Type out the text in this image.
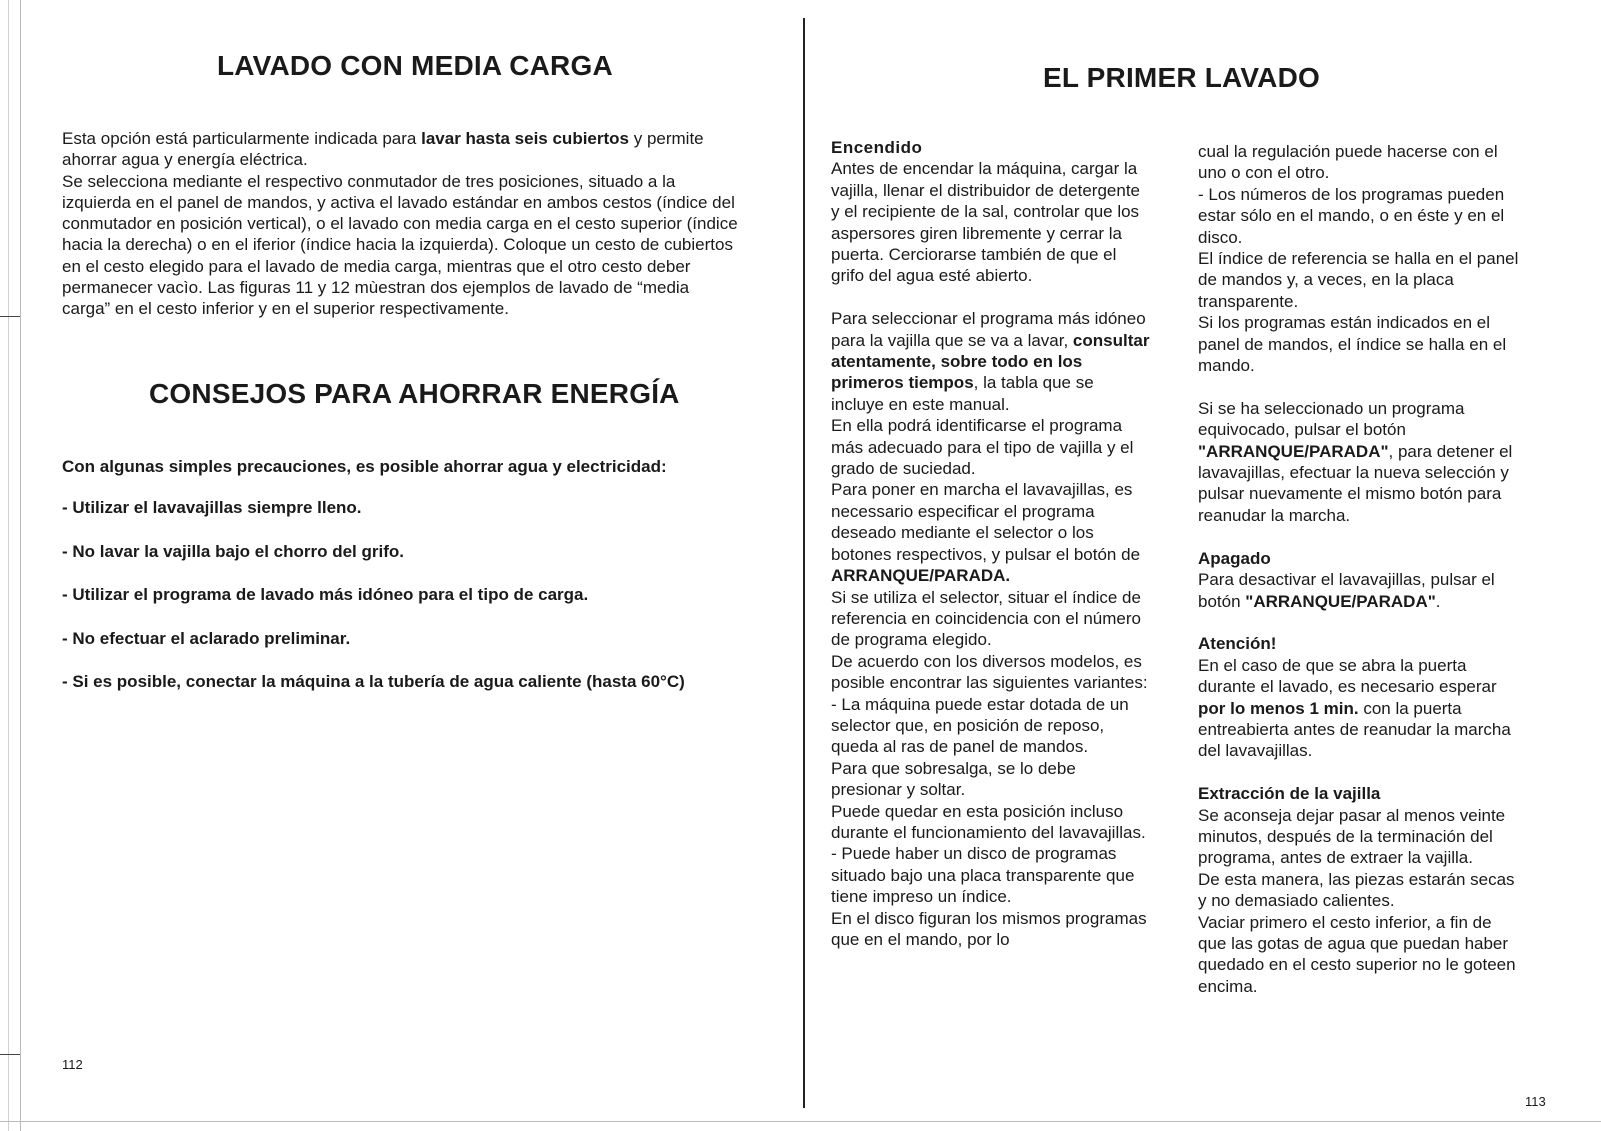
LAVADO CON MEDIA CARGA

Esta opción está particularmente indicada para lavar hasta seis cubiertos y permite ahorrar agua y energía eléctrica.

Se selecciona mediante el respectivo conmutador de tres posiciones, situado a la izquierda en el panel de mandos, y activa el lavado estándar en ambos cestos (índice del conmutador en posición vertical), o el lavado con media carga en el cesto superior (índice hacia la derecha) o en el iferior (índice hacia la izquierda). Coloque un cesto de cubiertos en el cesto elegido para el lavado de media carga, mientras que el otro cesto deber permanecer vacìo. Las figuras 11 y 12 mùestran dos ejemplos de lavado de “media carga” en el cesto inferior y en el superior respectivamente.

CONSEJOS PARA AHORRAR ENERGÍA
Con algunas simples precauciones, es posible ahorrar agua y electricidad:
- Utilizar el lavavajillas siempre lleno.
- No lavar la vajilla bajo el chorro del grifo.
- Utilizar el programa de lavado más idóneo para el tipo de carga.
- No efectuar el aclarado preliminar.
- Si es posible, conectar la máquina a la tubería de agua caliente (hasta 60°C)
112
EL PRIMER LAVADO

Encendido

Antes de encendar la máquina, cargar la vajilla, llenar el distribuidor de detergente y el recipiente de la sal, controlar que los aspersores giren libremente y cerrar la puerta. Cerciorarse también de que el grifo del agua esté abierto.

Para seleccionar el programa más idóneo para la vajilla que se va a lavar, consultar atentamente, sobre todo en los primeros tiempos, la tabla que se incluye en este manual.

En ella podrá identificarse el programa más adecuado para el tipo de vajilla y el grado de suciedad.

Para poner en marcha el lavavajillas, es necessario especificar el programa deseado mediante el selector o los botones respectivos, y pulsar el botón de ARRANQUE/PARADA.

Si se utiliza el selector, situar el índice de referencia en coincidencia con el número de programa elegido.

De acuerdo con los diversos modelos, es posible encontrar las siguientes variantes:

- La máquina puede estar dotada de un selector que, en posición de reposo, queda al ras de panel de mandos.

Para que sobresalga, se lo debe presionar y soltar.

Puede quedar en esta posición incluso durante el funcionamiento del lavavajillas.

- Puede haber un disco de programas situado bajo una placa transparente que tiene impreso un índice.

En el disco figuran los mismos programas que en el mando, por lo

cual la regulación puede hacerse con el uno o con el otro.

- Los números de los programas pueden estar sólo en el mando, o en éste y en el disco.

El índice de referencia se halla en el panel de mandos y, a veces, en la placa transparente.

Si los programas están indicados en el panel de mandos, el índice se halla en el mando.

Si se ha seleccionado un programa equivocado, pulsar el botón "ARRANQUE/PARADA", para detener el lavavajillas, efectuar la nueva selección y pulsar nuevamente el mismo botón para reanudar la marcha.

Apagado

Para desactivar el lavavajillas, pulsar el botón "ARRANQUE/PARADA".

Atención!

En el caso de que se abra la puerta durante el lavado, es necesario esperar por lo menos 1 min. con la puerta entreabierta antes de reanudar la marcha del lavavajillas.

Extracción de la vajilla

Se aconseja dejar pasar al menos veinte minutos, después de la terminación del programa, antes de extraer la vajilla.

De esta manera, las piezas estarán secas y no demasiado calientes.

Vaciar primero el cesto inferior, a fin de que las gotas de agua que puedan haber quedado en el cesto superior no le goteen encima.

113
